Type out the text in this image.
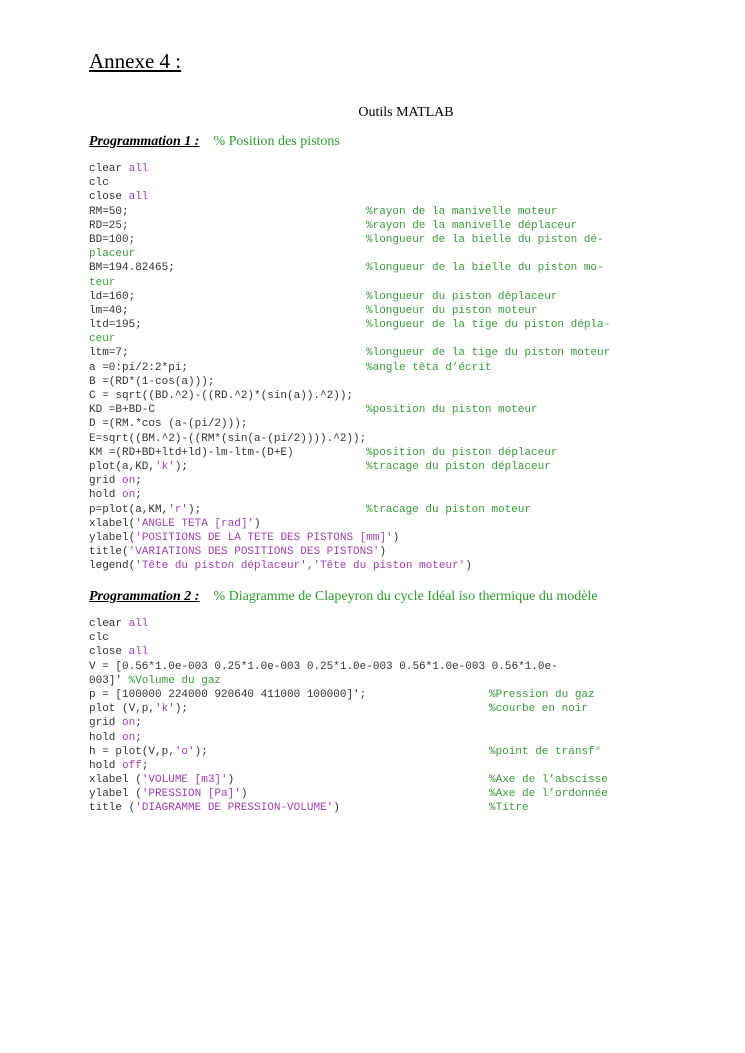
Annexe 4 :
Outils MATLAB
Programmation 1 : % Position des pistons
clear all
clc
close all
RM=50;	%rayon de la manivelle moteur
RD=25;	%rayon de la manivelle déplaceur
BD=100;	%longueur de la bielle du piston dé-
placeur
BM=194.82465;	%longueur de la bielle du piston mo-
teur
ld=160;	%longueur du piston déplaceur
lm=40;	%longueur du piston moteur
ltd=195;	%longueur de la tige du piston dépla-
ceur
ltm=7;	%longueur de la tige du piston moteur
a =0:pi/2:2*pi;	%angle têta d’écrit
B =(RD*(1-cos(a)));
C = sqrt((BD.^2)-((RD.^2)*(sin(a)).^2));
KD =B+BD-C	%position du piston moteur
D =(RM.*cos (a-(pi/2)));
E=sqrt((BM.^2)-((RM*(sin(a-(pi/2)))).^2));
KM =(RD+BD+ltd+ld)-lm-ltm-(D+E)	%position du piston déplaceur
plot(a,KD,'k');	%tracage du piston déplaceur
grid on;
hold on;
p=plot(a,KM,'r');	%tracage du piston moteur
xlabel('ANGLE TETA [rad]')
ylabel('POSITIONS DE LA TETE DES PISTONS [mm]')
title('VARIATIONS DES POSITIONS DES PISTONS')
legend('Tête du piston déplaceur','Tête du piston moteur')
Programmation 2 : % Diagramme de Clapeyron du cycle Idéal iso thermique du modèle
clear all
clc
close all
V = [0.56*1.0e-003 0.25*1.0e-003 0.25*1.0e-003 0.56*1.0e-003 0.56*1.0e-
003]' %Volume du gaz
p = [100000 224000 920640 411000 100000]';	%Pression du gaz
plot (V,p,'k');	%courbe en noir
grid on;
hold on;
h = plot(V,p,'o');	%point de transf°
hold off;
xlabel ('VOLUME [m3]')	%Axe de l’abscisse
ylabel ('PRESSION [Pa]')	%Axe de l’ordonnée
title ('DIAGRAMME DE PRESSION-VOLUME')	%Titre
